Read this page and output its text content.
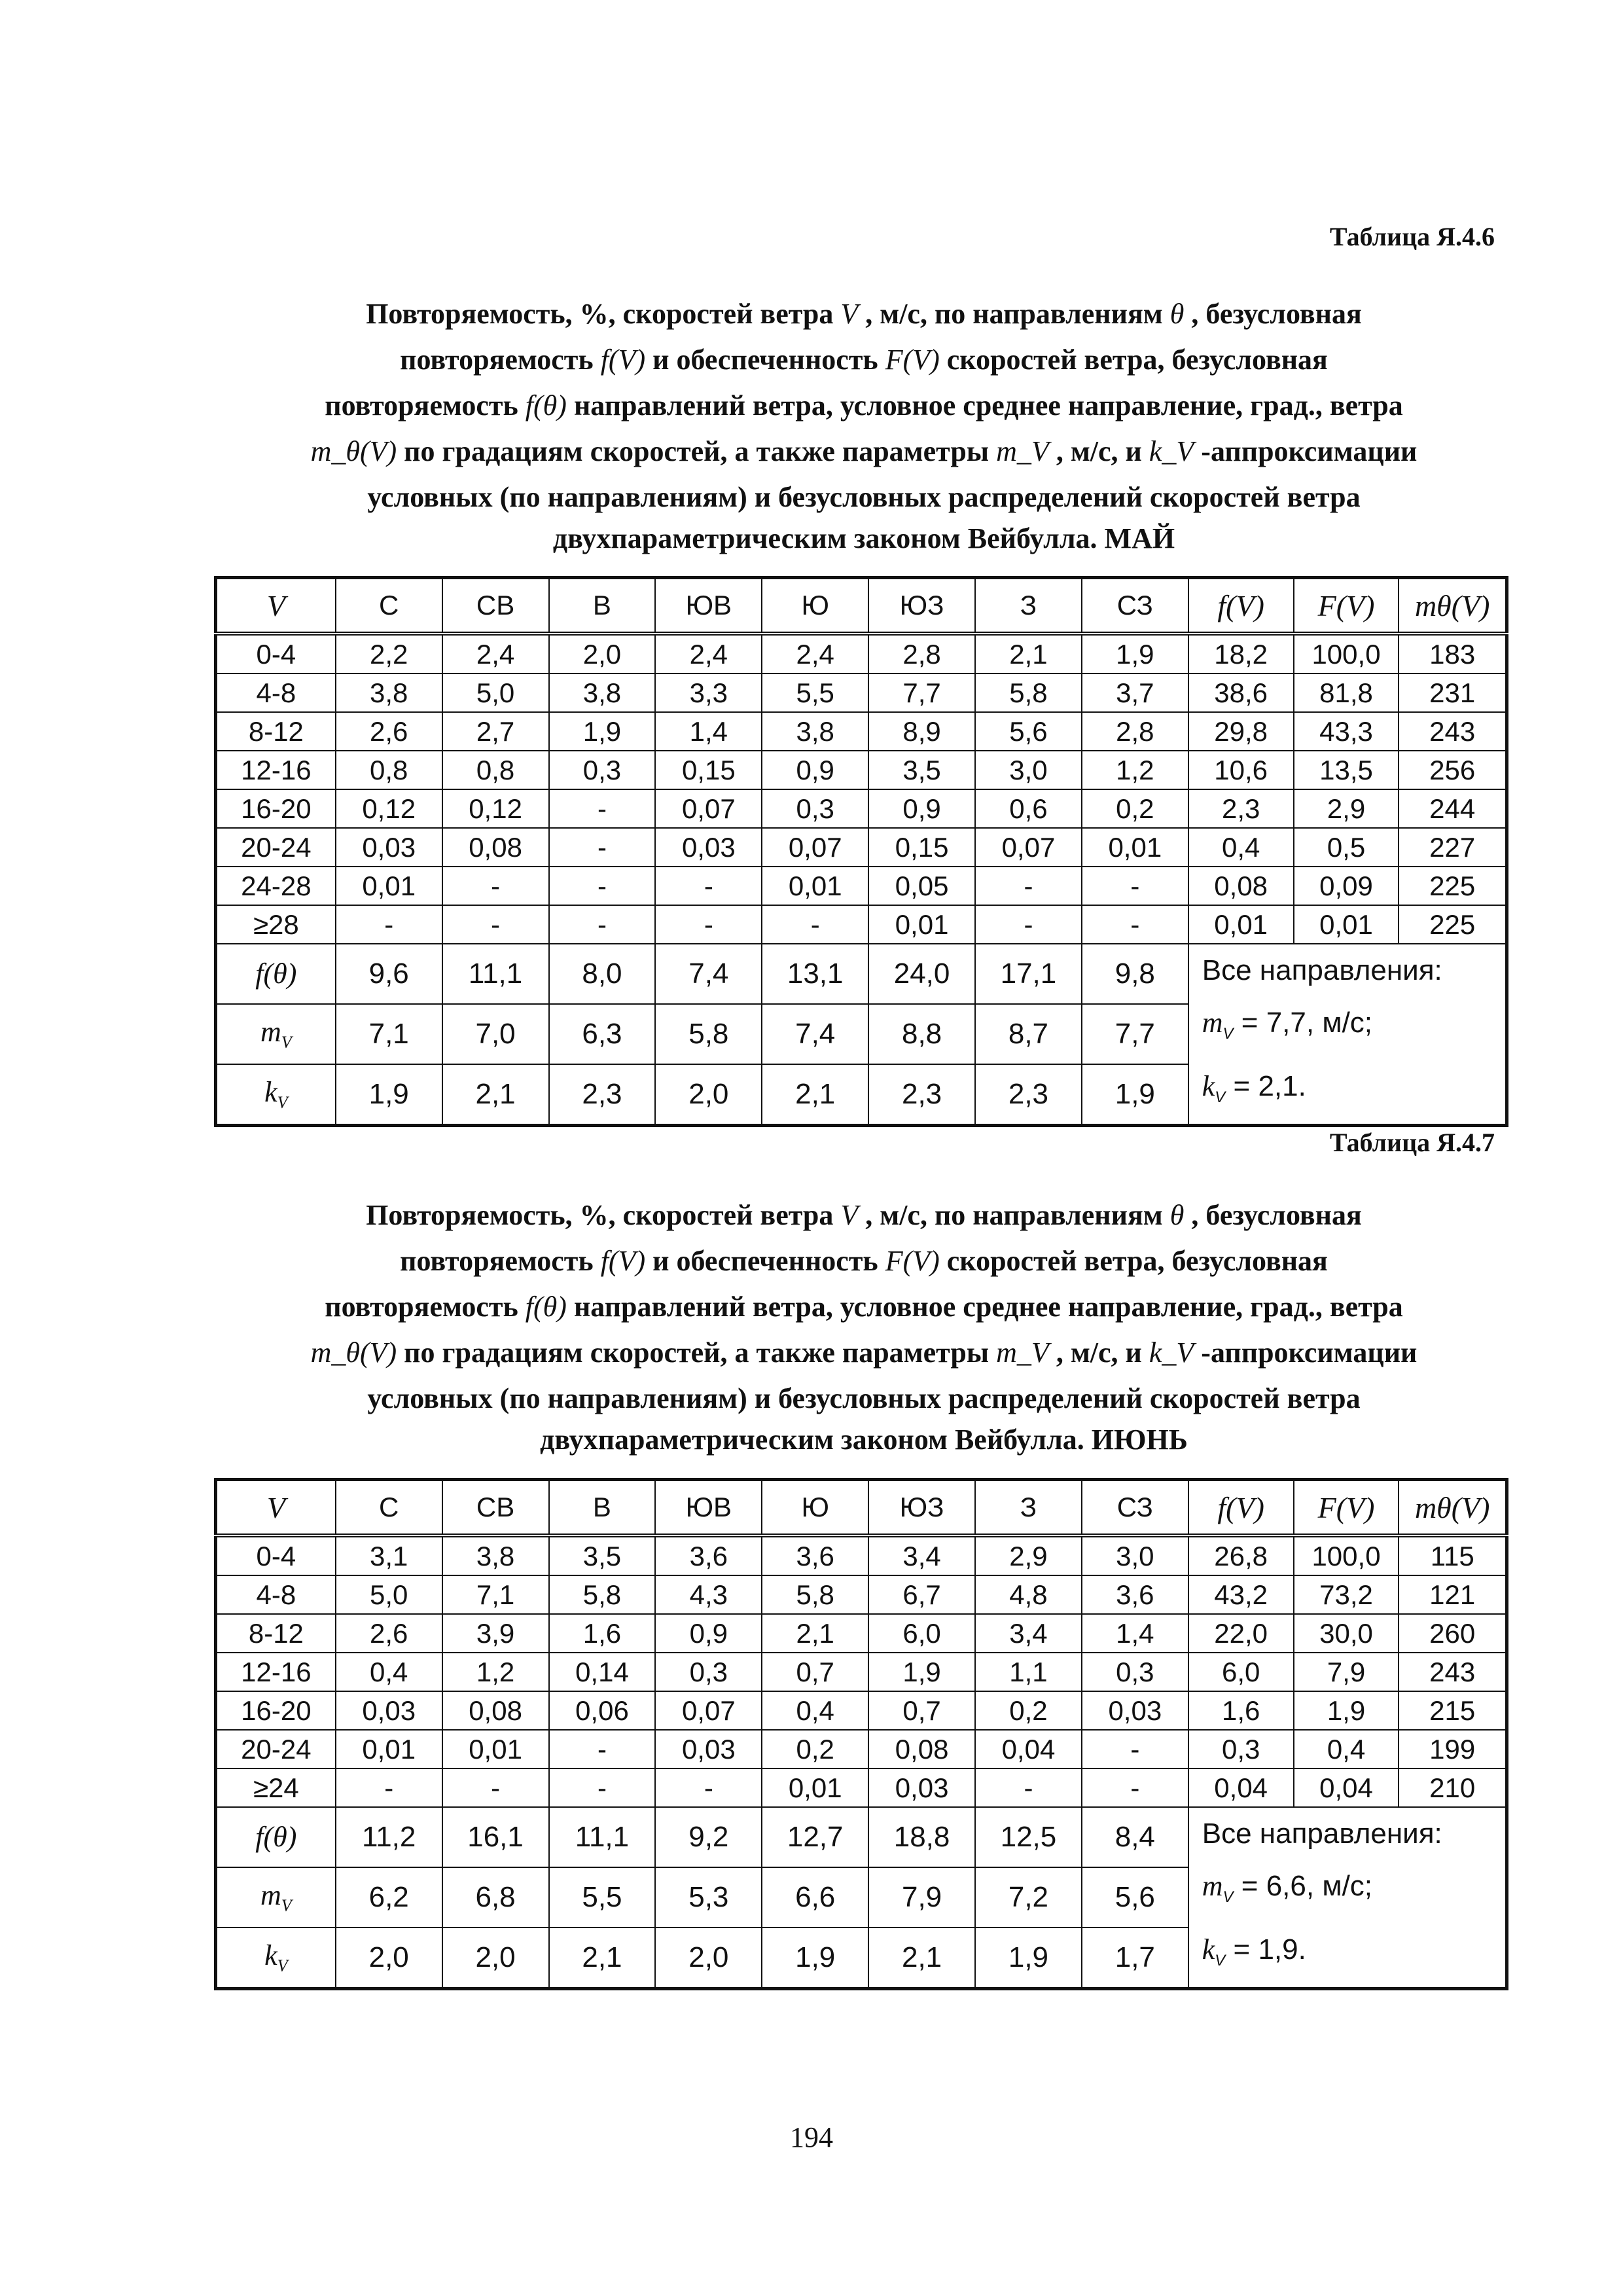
Таблица Я.4.6
Повторяемость, %, скоростей ветра V , м/с, по направлениям θ , безусловная
повторяемость f(V) и обеспеченность F(V) скоростей ветра, безусловная
повторяемость f(θ) направлений ветра, условное среднее направление, град., ветра
m_θ(V) по градациям скоростей, а также параметры m_V , м/с, и k_V -аппроксимации
условных (по направлениям) и безусловных распределений скоростей ветра
двухпараметрическим законом Вейбулла. МАЙ
V	С	СВ	В	ЮВ	Ю	ЮЗ	З	СЗ	f(V)	F(V)	mθ(V)
0-4	2,2	2,4	2,0	2,4	2,4	2,8	2,1	1,9	18,2	100,0	183
4-8	3,8	5,0	3,8	3,3	5,5	7,7	5,8	3,7	38,6	81,8	231
8-12	2,6	2,7	1,9	1,4	3,8	8,9	5,6	2,8	29,8	43,3	243
12-16	0,8	0,8	0,3	0,15	0,9	3,5	3,0	1,2	10,6	13,5	256
16-20	0,12	0,12	-	0,07	0,3	0,9	0,6	0,2	2,3	2,9	244
20-24	0,03	0,08	-	0,03	0,07	0,15	0,07	0,01	0,4	0,5	227
24-28	0,01	-	-	-	0,01	0,05	-	-	0,08	0,09	225
≥28	-	-	-	-	-	0,01	-	-	0,01	0,01	225
f(θ)	9,6	11,1	8,0	7,4	13,1	24,0	17,1	9,8	Все направления:
$m_V = 7,7$, м/с;
$k_V = 2,1$.		

$m_V$	7,1	7,0	6,3	5,8	7,4	8,8	8,7	7,7			
$k_V$	1,9	2,1	2,3	2,0	2,1	2,3	2,3	1,9			
Таблица Я.4.7
Повторяемость, %, скоростей ветра V , м/с, по направлениям θ , безусловная
повторяемость f(V) и обеспеченность F(V) скоростей ветра, безусловная
повторяемость f(θ) направлений ветра, условное среднее направление, град., ветра
m_θ(V) по градациям скоростей, а также параметры m_V , м/с, и k_V -аппроксимации
условных (по направлениям) и безусловных распределений скоростей ветра
двухпараметрическим законом Вейбулла. ИЮНЬ
V	С	СВ	В	ЮВ	Ю	ЮЗ	З	СЗ	f(V)	F(V)	mθ(V)
0-4	3,1	3,8	3,5	3,6	3,6	3,4	2,9	3,0	26,8	100,0	115
4-8	5,0	7,1	5,8	4,3	5,8	6,7	4,8	3,6	43,2	73,2	121
8-12	2,6	3,9	1,6	0,9	2,1	6,0	3,4	1,4	22,0	30,0	260
12-16	0,4	1,2	0,14	0,3	0,7	1,9	1,1	0,3	6,0	7,9	243
16-20	0,03	0,08	0,06	0,07	0,4	0,7	0,2	0,03	1,6	1,9	215
20-24	0,01	0,01	-	0,03	0,2	0,08	0,04	-	0,3	0,4	199
≥24	-	-	-	-	0,01	0,03	-	-	0,04	0,04	210
f(θ)	11,2	16,1	11,1	9,2	12,7	18,8	12,5	8,4	Все направления:
$m_V = 6,6$, м/с;
$k_V = 1,9$.		

$m_V$	6,2	6,8	5,5	5,3	6,6	7,9	7,2	5,6			
$k_V$	2,0	2,0	2,1	2,0	1,9	2,1	1,9	1,7			
194
